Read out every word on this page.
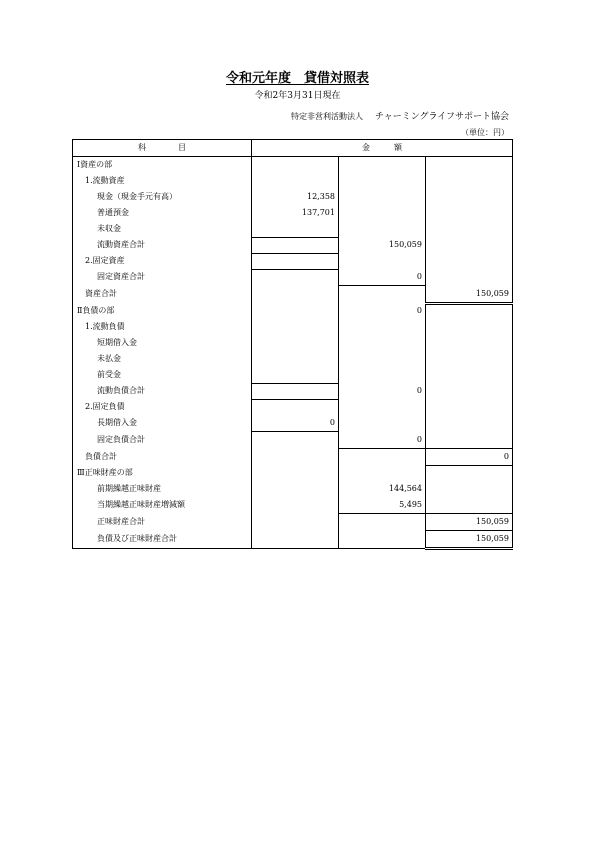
令和元年度　貸借対照表
令和2年3月31日現在
特定非営利活動法人 チャーミングライフサポート協会
（単位：円）
科　　　　目	金　　　額		
Ⅰ資産の部			
1.流動資産			
現金（現金手元有高）	12,358		
普通預金	137,701		
未収金			
流動資産合計		150,059	
2.固定資産			
固定資産合計		0	
資産合計			150,059
Ⅱ負債の部		0	
1.流動負債			
短期借入金			
未払金			
前受金			
流動負債合計		0	
2.固定負債			
長期借入金	0		
固定負債合計		0	
負債合計			0
Ⅲ正味財産の部			
前期繰越正味財産		144,564	
当期繰越正味財産増減額		5,495	
正味財産合計			150,059
負債及び正味財産合計			150,059
